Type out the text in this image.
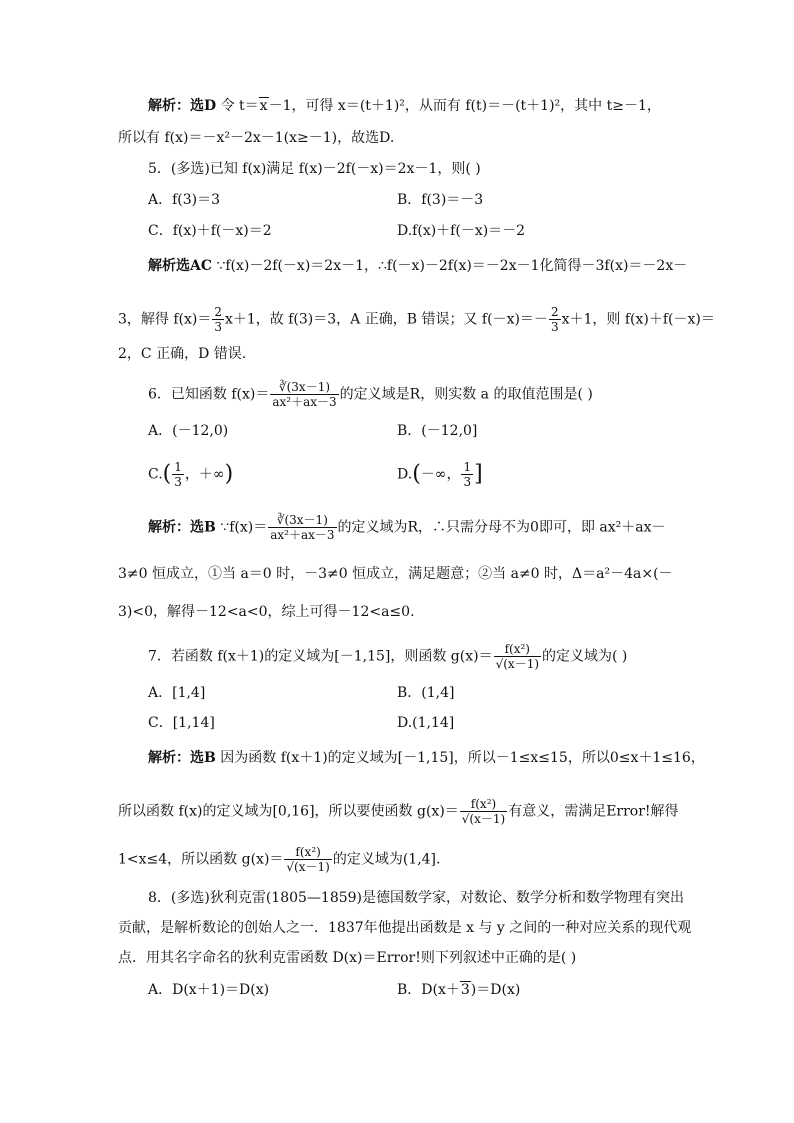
解析：选D 令 t＝x－1，可得 x＝(t＋1)²，从而有 f(t)＝－(t＋1)²，其中 t≥－1，
所以有 f(x)＝－x²－2x－1(x≥－1)，故选D.
5．(多选)已知 f(x)满足 f(x)－2f(－x)＝2x－1，则( )
A．f(3)＝3	B．f(3)＝－3
C．f(x)＋f(－x)＝2	D.f(x)＋f(－x)＝－2
解析选AC ∵f(x)－2f(－x)＝2x－1，∴f(－x)－2f(x)＝－2x－1化简得－3f(x)＝－2x－
3，解得 $f(x)= \frac{2}{3} x+1$，故 f(3)＝3，A 正确，B 错误；又 $f(-x)=- \frac{2}{3} x+1$，则 f(x)＋f(－x)＝
2，C 正确，D 错误.
6．已知函数 $f(x)= \frac{∛(3x-1)}{\text{ax²＋ax－3}}$ 的定义域是R，则实数 a 的取值范围是( )
A．(－12,0)	B．(－12,0]
$C.( \frac{1}{3}$ ，＋∞)	D.(－∞， $\frac{1}{3}$ ]
解析：选B ∵f(x)＝ $\frac{∛(3x-1)}{\text{ax²＋ax－3}}$ 的定义域为R，∴只需分母不为0即可，即 ax²＋ax－
3≠0 恒成立，①当 a＝0 时，－3≠0 恒成立，满足题意；②当 a≠0 时，Δ＝a²－4a×(－
3)<0，解得－12<a<0，综上可得－12<a≤0.
7．若函数 f(x＋1)的定义域为[－1,15]，则函数 $g(x)= \frac{\text{f(x²)}}{√(x-1)}$ 的定义域为( )
A．[1,4]	B．(1,4]
C．[1,14]	D.(1,14]
解析：选B 因为函数 f(x＋1)的定义域为[－1,15]，所以－1≤x≤15，所以0≤x＋1≤16，
所以函数 f(x)的定义域为[0,16]，所以要使函数 $g(x)= \frac{\text{f(x²)}}{√(x-1)}$ 有意义，需满足Error!解得
1<x≤4，所以函数 $g(x)= \frac{\text{f(x²)}}{√(x-1)}$ 的定义域为(1,4].
8．(多选)狄利克雷(1805—1859)是德国数学家，对数论、数学分析和数学物理有突出
贡献，是解析数论的创始人之一．1837年他提出函数是 x 与 y 之间的一种对应关系的现代观
点．用其名字命名的狄利克雷函数 D(x)＝Error!则下列叙述中正确的是( )
A．D(x＋1)＝D(x)	B．D(x＋3)＝D(x)
